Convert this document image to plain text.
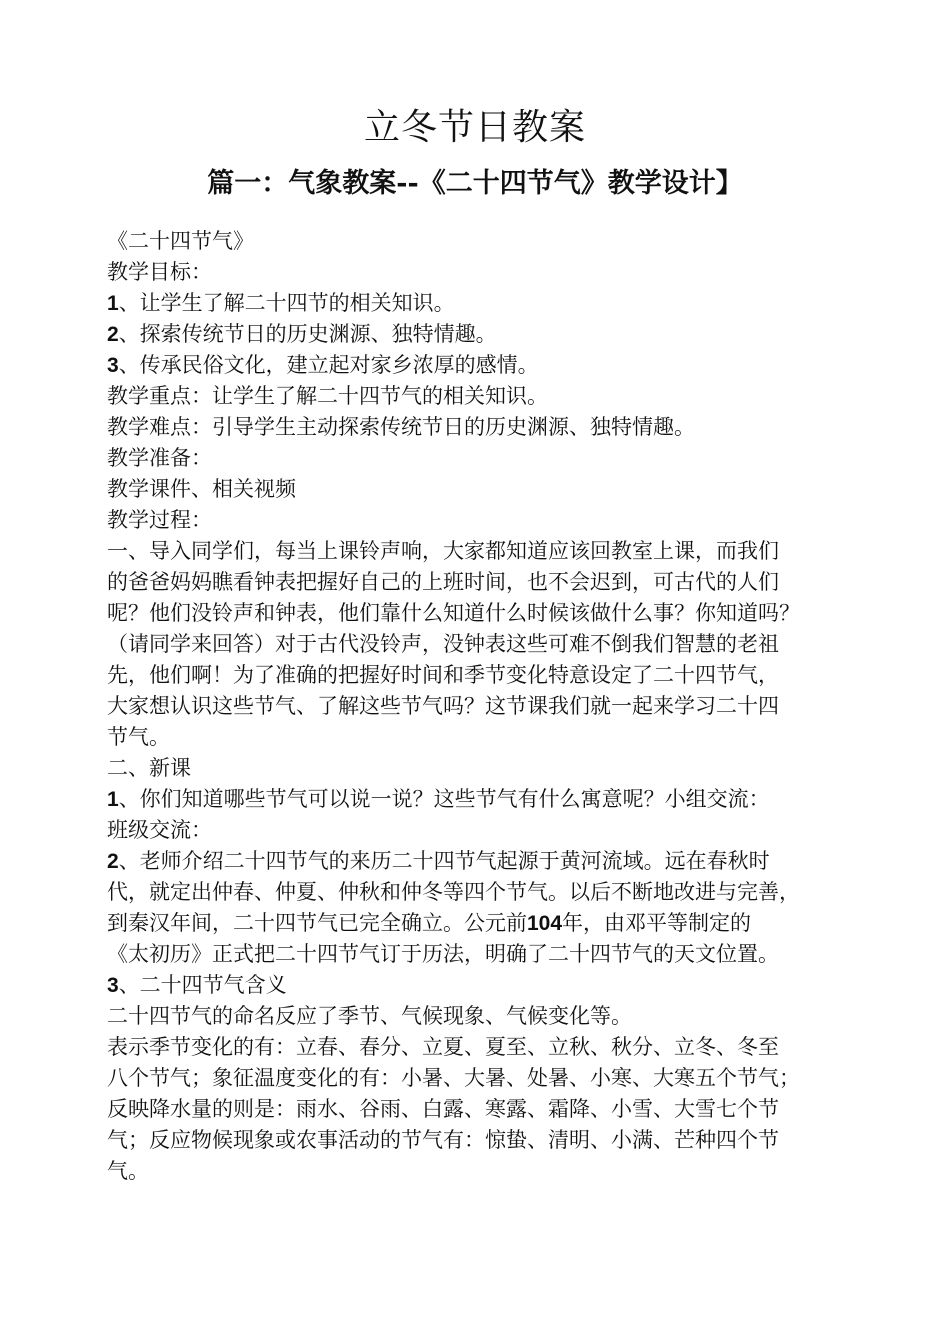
立冬节日教案
篇一：气象教案--《二十四节气》教学设计】
《二十四节气》
教学目标：
1、让学生了解二十四节的相关知识。
2、探索传统节日的历史渊源、独特情趣。
3、传承民俗文化，建立起对家乡浓厚的感情。
教学重点：让学生了解二十四节气的相关知识。
教学难点：引导学生主动探索传统节日的历史渊源、独特情趣。
教学准备：
教学课件、相关视频
教学过程：
一、导入同学们，每当上课铃声响，大家都知道应该回教室上课，而我们
的爸爸妈妈瞧看钟表把握好自己的上班时间，也不会迟到，可古代的人们
呢？他们没铃声和钟表，他们靠什么知道什么时候该做什么事？你知道吗？
（请同学来回答）对于古代没铃声，没钟表这些可难不倒我们智慧的老祖
先，他们啊！为了准确的把握好时间和季节变化特意设定了二十四节气，
大家想认识这些节气、了解这些节气吗？这节课我们就一起来学习二十四
节气。
二、新课
1、你们知道哪些节气可以说一说？这些节气有什么寓意呢？小组交流：
班级交流：
2、老师介绍二十四节气的来历二十四节气起源于黄河流域。远在春秋时
代，就定出仲春、仲夏、仲秋和仲冬等四个节气。以后不断地改进与完善，
到秦汉年间，二十四节气已完全确立。公元前104年，由邓平等制定的
《太初历》正式把二十四节气订于历法，明确了二十四节气的天文位置。
3、二十四节气含义
二十四节气的命名反应了季节、气候现象、气候变化等。
表示季节变化的有：立春、春分、立夏、夏至、立秋、秋分、立冬、冬至
八个节气；象征温度变化的有：小暑、大暑、处暑、小寒、大寒五个节气；
反映降水量的则是：雨水、谷雨、白露、寒露、霜降、小雪、大雪七个节
气；反应物候现象或农事活动的节气有：惊蛰、清明、小满、芒种四个节
气。
